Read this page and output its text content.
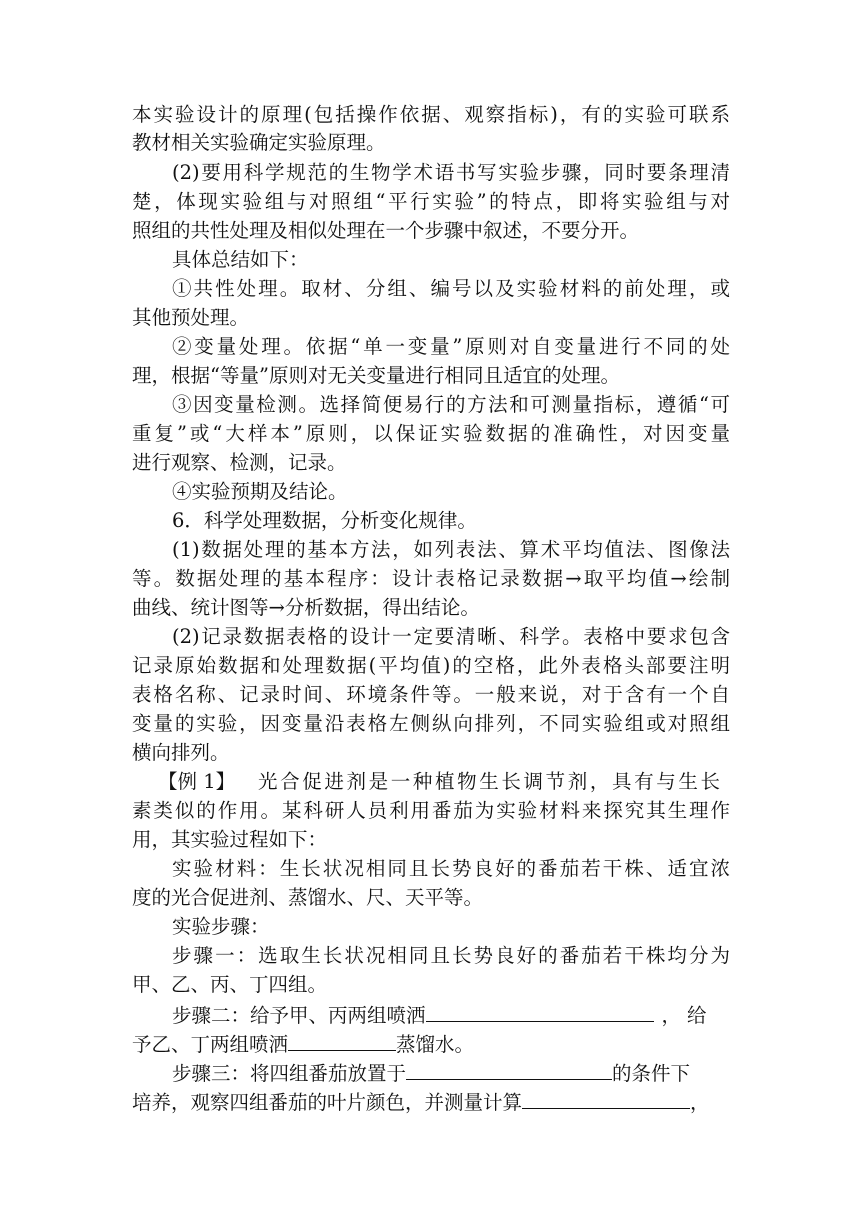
本实验设计的原理(包括操作依据、观察指标)，有的实验可联系
教材相关实验确定实验原理。
(2)要用科学规范的生物学术语书写实验步骤，同时要条理清
楚，体现实验组与对照组“平行实验”的特点，即将实验组与对
照组的共性处理及相似处理在一个步骤中叙述，不要分开。
具体总结如下：
①共性处理。取材、分组、编号以及实验材料的前处理，或
其他预处理。
②变量处理。依据“单一变量”原则对自变量进行不同的处
理，根据“等量”原则对无关变量进行相同且适宜的处理。
③因变量检测。选择简便易行的方法和可测量指标，遵循“可
重复”或“大样本”原则，以保证实验数据的准确性，对因变量
进行观察、检测，记录。
④实验预期及结论。
6．科学处理数据，分析变化规律。
(1)数据处理的基本方法，如列表法、算术平均值法、图像法
等。数据处理的基本程序：设计表格记录数据→取平均值→绘制
曲线、统计图等→分析数据，得出结论。
(2)记录数据表格的设计一定要清晰、科学。表格中要求包含
记录原始数据和处理数据(平均值)的空格，此外表格头部要注明
表格名称、记录时间、环境条件等。一般来说，对于含有一个自
变量的实验，因变量沿表格左侧纵向排列，不同实验组或对照组
横向排列。
【例 1】 光合促进剂是一种植物生长调节剂，具有与生长
素类似的作用。某科研人员利用番茄为实验材料来探究其生理作
用，其实验过程如下：
实验材料：生长状况相同且长势良好的番茄若干株、适宜浓
度的光合促进剂、蒸馏水、尺、天平等。
实验步骤：
步骤一：选取生长状况相同且长势良好的番茄若干株均分为
甲、乙、丙、丁四组。
步骤二：给予甲、丙两组喷洒	，给
予乙、丁两组喷洒	蒸馏水。
步骤三：将四组番茄放置于	的条件下
培养，观察四组番茄的叶片颜色，并测量计算	，
